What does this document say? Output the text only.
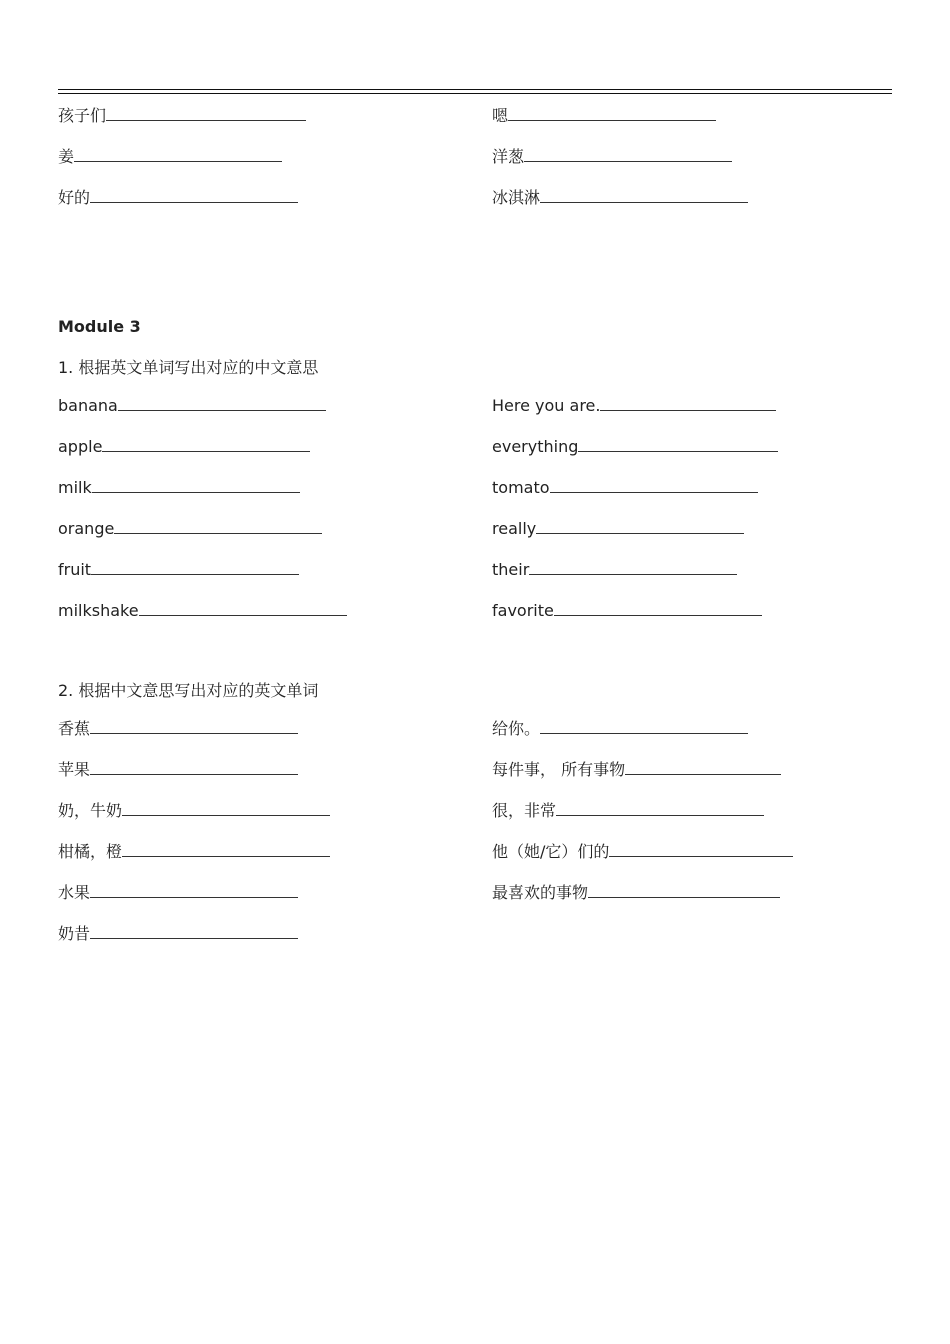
孩子们
姜
好的
嗯
洋葱
冰淇淋
Module 3
1. 根据英文单词写出对应的中文意思
banana
apple
milk
orange
fruit
milkshake
Here you are.
everything
tomato
really
their
favorite
2. 根据中文意思写出对应的英文单词
香蕉
苹果
奶，牛奶
柑橘，橙
水果
奶昔
给你。
每件事， 所有事物
很，非常
他（她/它）们的
最喜欢的事物
